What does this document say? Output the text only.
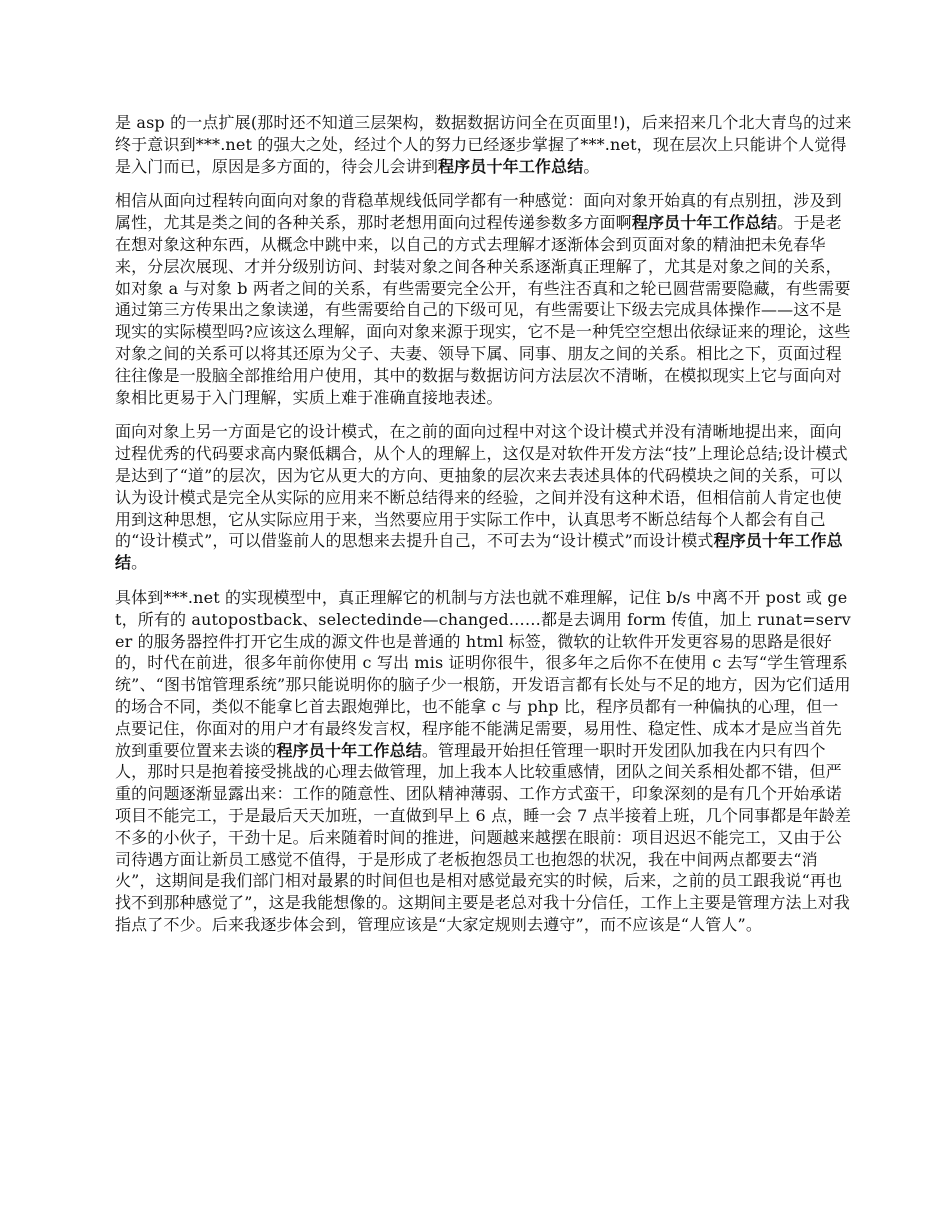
是 asp 的一点扩展(那时还不知道三层架构，数据数据访问全在页面里!)，后来招来几个北大青鸟的过来终于意识到***.net 的强大之处，经过个人的努力已经逐步掌握了***.net，现在层次上只能讲个人觉得是入门而已，原因是多方面的，待会儿会讲到程序员十年工作总结。

相信从面向过程转向面向对象的背稳革规线低同学都有一种感觉：面向对象开始真的有点别扭，涉及到属性，尤其是类之间的各种关系，那时老想用面向过程传递参数多方面啊程序员十年工作总结。于是老在想对象这种东西，从概念中跳中来，以自己的方式去理解才逐渐体会到页面对象的精油把未免春华来，分层次展现、才并分级别访问、封装对象之间各种关系逐渐真正理解了，尤其是对象之间的关系，如对象 a 与对象 b 两者之间的关系，有些需要完全公开，有些注否真和之轮已圆营需要隐藏，有些需要通过第三方传果出之象读递，有些需要给自己的下级可见，有些需要让下级去完成具体操作——这不是现实的实际模型吗?应该这么理解，面向对象来源于现实，它不是一种凭空空想出依绿证来的理论，这些对象之间的关系可以将其还原为父子、夫妻、领导下属、同事、朋友之间的关系。相比之下，页面过程往往像是一股脑全部推给用户使用，其中的数据与数据访问方法层次不清晰，在模拟现实上它与面向对象相比更易于入门理解，实质上难于准确直接地表述。

面向对象上另一方面是它的设计模式，在之前的面向过程中对这个设计模式并没有清晰地提出来，面向过程优秀的代码要求高内聚低耦合，从个人的理解上，这仅是对软件开发方法“技”上理论总结;设计模式是达到了“道”的层次，因为它从更大的方向、更抽象的层次来去表述具体的代码模块之间的关系，可以认为设计模式是完全从实际的应用来不断总结得来的经验，之间并没有这种术语，但相信前人肯定也使用到这种思想，它从实际应用于来，当然要应用于实际工作中，认真思考不断总结每个人都会有自己的“设计模式”，可以借鉴前人的思想来去提升自己，不可去为“设计模式”而设计模式程序员十年工作总结。

具体到***.net 的实现模型中，真正理解它的机制与方法也就不难理解，记住 b/s 中离不开 post 或 get，所有的 autopostback、selectedinde—changed……都是去调用 form 传值，加上 runat=server 的服务器控件打开它生成的源文件也是普通的 html 标签，微软的让软件开发更容易的思路是很好的，时代在前进，很多年前你使用 c 写出 mis 证明你很牛，很多年之后你不在使用 c 去写“学生管理系统”、“图书馆管理系统”那只能说明你的脑子少一根筋，开发语言都有长处与不足的地方，因为它们适用的场合不同，类似不能拿匕首去跟炮弹比，也不能拿 c 与 php 比，程序员都有一种偏执的心理，但一点要记住，你面对的用户才有最终发言权，程序能不能满足需要，易用性、稳定性、成本才是应当首先放到重要位置来去谈的程序员十年工作总结。管理最开始担任管理一职时开发团队加我在内只有四个人，那时只是抱着接受挑战的心理去做管理，加上我本人比较重感情，团队之间关系相处都不错，但严重的问题逐渐显露出来：工作的随意性、团队精神薄弱、工作方式蛮干，印象深刻的是有几个开始承诺项目不能完工，于是最后天天加班，一直做到早上 6 点，睡一会 7 点半接着上班，几个同事都是年龄差不多的小伙子，干劲十足。后来随着时间的推进，问题越来越摆在眼前：项目迟迟不能完工，又由于公司待遇方面让新员工感觉不值得，于是形成了老板抱怨员工也抱怨的状况，我在中间两点都要去“消火”，这期间是我们部门相对最累的时间但也是相对感觉最充实的时候，后来，之前的员工跟我说“再也找不到那种感觉了”，这是我能想像的。这期间主要是老总对我十分信任，工作上主要是管理方法上对我指点了不少。后来我逐步体会到，管理应该是“大家定规则去遵守”，而不应该是“人管人”。
